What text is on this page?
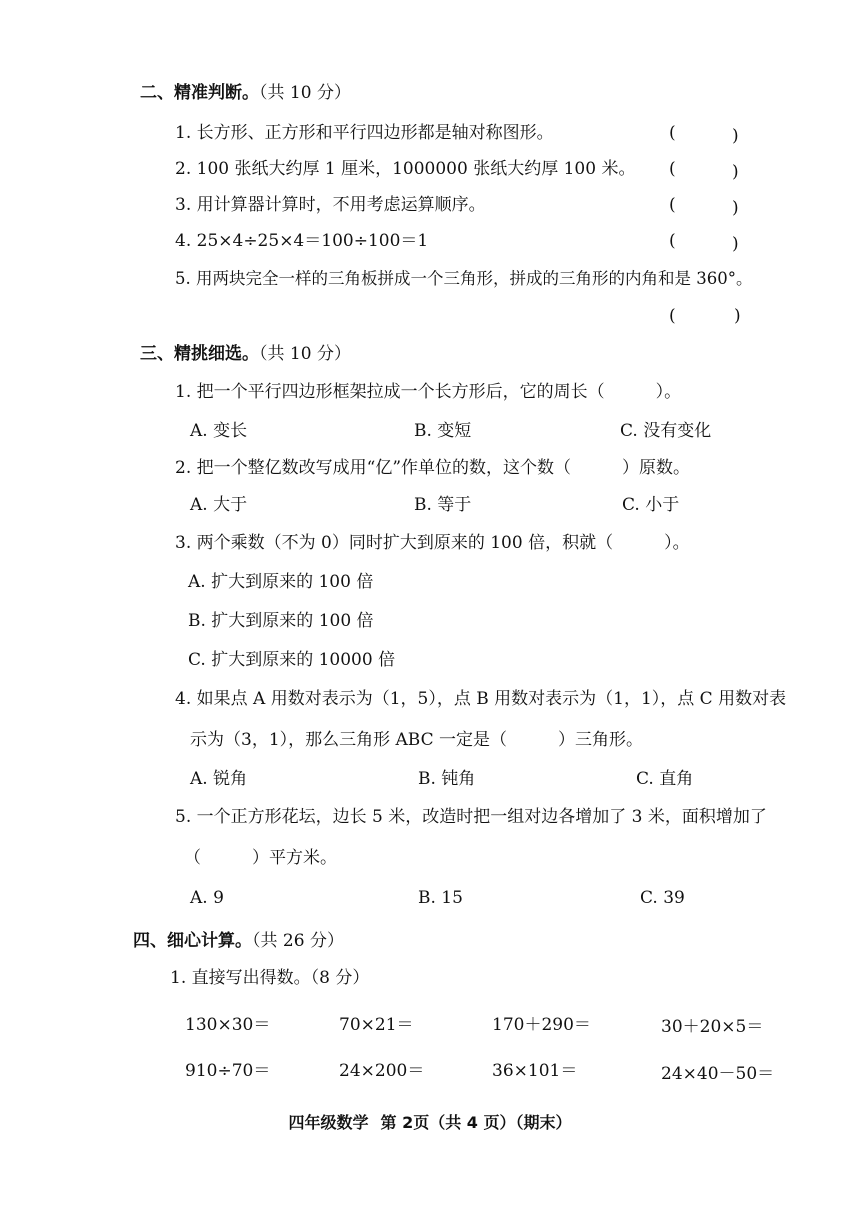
二、精准判断。（共 10 分）
1. 长方形、正方形和平行四边形都是轴对称图形。	(	)
2. 100 张纸大约厚 1 厘米，1000000 张纸大约厚 100 米。 (	)
3. 用计算器计算时，不用考虑运算顺序。	(	)
4. 25×4÷25×4＝100÷100＝1	(	)
5. 用两块完全一样的三角板拼成一个三角形，拼成的三角形的内角和是 360°。
(	)
三、精挑细选。（共 10 分）
1. 把一个平行四边形框架拉成一个长方形后，它的周长（　　　）。
A. 变长	B. 变短	C. 没有变化
2. 把一个整亿数改写成用“亿”作单位的数，这个数（　　　）原数。
A. 大于	B. 等于	C. 小于
3. 两个乘数（不为 0）同时扩大到原来的 100 倍，积就（　　　）。
A. 扩大到原来的 100 倍
B. 扩大到原来的 100 倍
C. 扩大到原来的 10000 倍
4. 如果点 A 用数对表示为（1，5），点 B 用数对表示为（1，1），点 C 用数对表
示为（3，1），那么三角形 ABC 一定是（　　　）三角形。
A. 锐角	B. 钝角	C. 直角
5. 一个正方形花坛，边长 5 米，改造时把一组对边各增加了 3 米，面积增加了
（　　　）平方米。
A. 9	B. 15	C. 39
四、细心计算。（共 26 分）
1. 直接写出得数。（8 分）
130×30＝	70×21＝	170＋290＝	30＋20×5＝
910÷70＝	24×200＝	36×101＝	24×40－50＝
四年级数学 第 2页（共 4 页）（期末）
